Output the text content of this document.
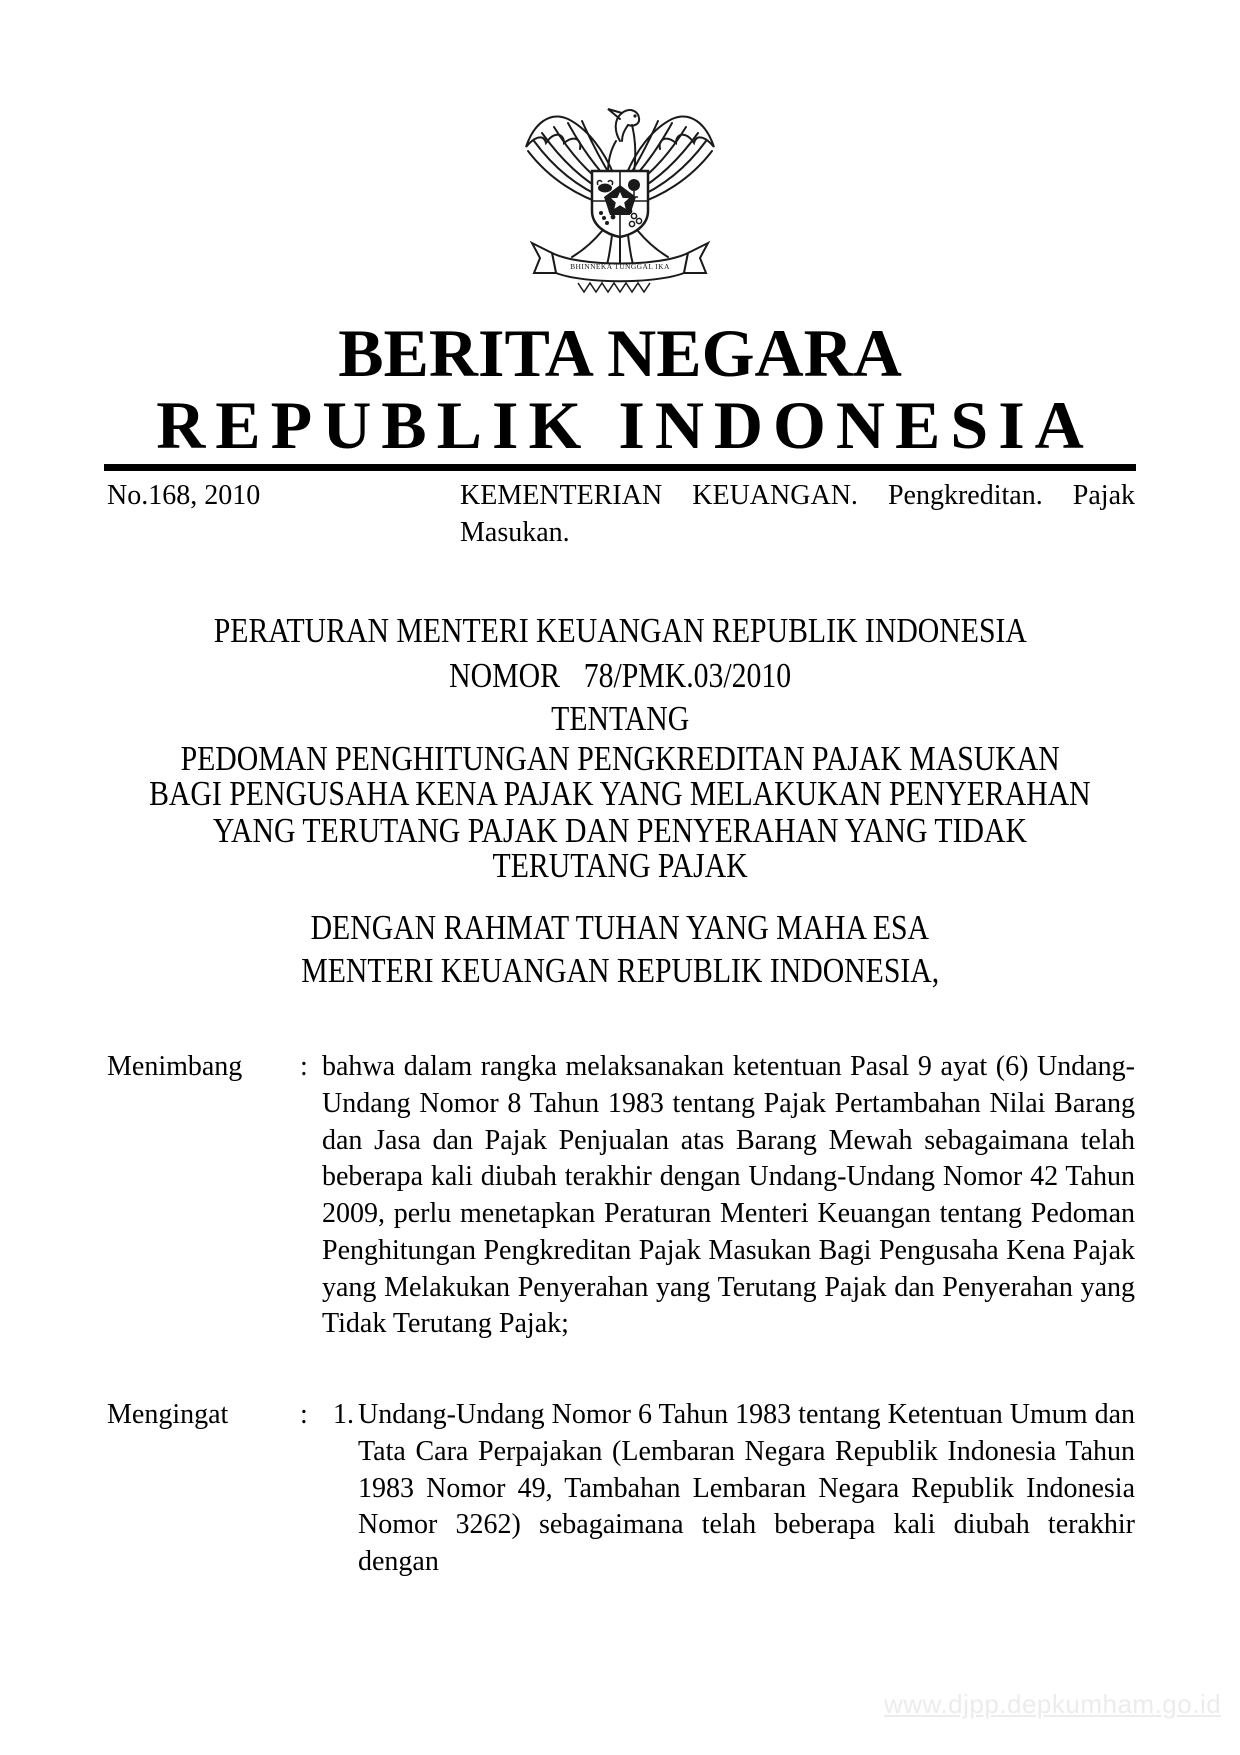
BHINNEKA TUNGGAL IKA
BERITA NEGARA
REPUBLIK INDONESIA
No.168, 2010	KEMENTERIAN KEUANGAN. Pengkreditan. Pajak Masukan.
PERATURAN MENTERI KEUANGAN REPUBLIK INDONESIA
NOMOR 78/PMK.03/2010
TENTANG
PEDOMAN PENGHITUNGAN PENGKREDITAN PAJAK MASUKAN
BAGI PENGUSAHA KENA PAJAK YANG MELAKUKAN PENYERAHAN
YANG TERUTANG PAJAK DAN PENYERAHAN YANG TIDAK
TERUTANG PAJAK
DENGAN RAHMAT TUHAN YANG MAHA ESA
MENTERI KEUANGAN REPUBLIK INDONESIA,
Menimbang : bahwa dalam rangka melaksanakan ketentuan Pasal 9 ayat (6) Undang-Undang Nomor 8 Tahun 1983 tentang Pajak Pertambahan Nilai Barang dan Jasa dan Pajak Penjualan atas Barang Mewah sebagaimana telah beberapa kali diubah terakhir dengan Undang-Undang Nomor 42 Tahun 2009, perlu menetapkan Peraturan Menteri Keuangan tentang Pedoman Penghitungan Pengkreditan Pajak Masukan Bagi Pengusaha Kena Pajak yang Melakukan Penyerahan yang Terutang Pajak dan Penyerahan yang Tidak Terutang Pajak;
Mengingat	: 1. Undang-Undang Nomor 6 Tahun 1983 tentang Ketentuan Umum dan Tata Cara Perpajakan (Lembaran Negara Republik Indonesia Tahun 1983 Nomor 49, Tambahan Lembaran Negara Republik Indonesia Nomor 3262) sebagaimana telah beberapa kali diubah terakhir dengan
www.djpp.depkumham.go.id
